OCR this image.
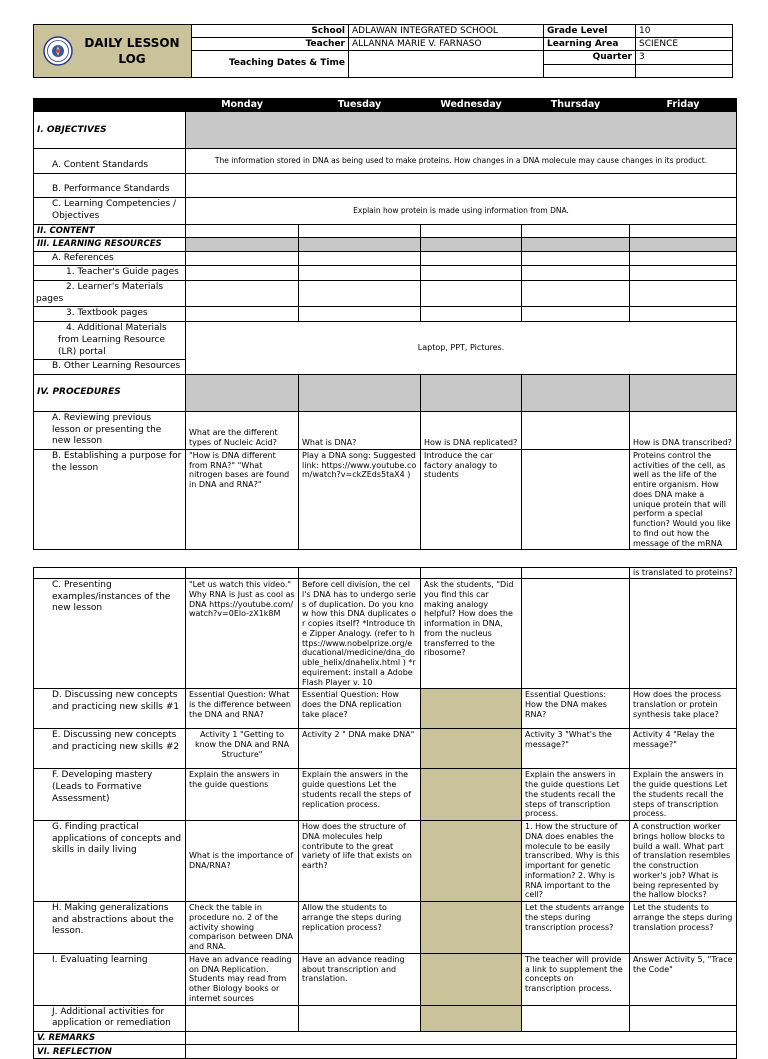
DAILY LESSON
LOG	School	ADLAWAN INTEGRATED SCHOOL	Grade Level	10
	Teacher	ALLANNA MARIE V. FARNASO	Learning Area	SCIENCE
	Teaching Dates & Time		Quarter	3

	Monday	Tuesday	Wednesday	Thursday	Friday
I. OBJECTIVES					
A. Content Standards	The information stored in DNA as being used to make proteins. How changes in a DNA molecule may cause changes in its product.				
B. Performance Standards					
C. Learning Competencies / Objectives	Explain how protein is made using information from DNA.				
II. CONTENT					
III. LEARNING RESOURCES					
A. References					
1. Teacher's Guide pages					
2. Learner's Materials pages					
3. Textbook pages					
4. Additional Materials from Learning Resource (LR) portal	Laptop, PPT, Pictures.				
B. Other Learning Resources					
IV. PROCEDURES					
A. Reviewing previous lesson or presenting the new lesson	What are the different types of Nucleic Acid?	What is DNA?	How is DNA replicated?		How is DNA transcribed?
B. Establishing a purpose for the lesson	"How is DNA different from RNA?" "What nitrogen bases are found in DNA and RNA?"	Play a DNA song: Suggested link: https://www.youtube.com/watch?v=ckZEds5taX4 )	Introduce the car factory analogy to students		Proteins control the activities of the cell, as well as the life of the entire organism. How does DNA make a unique protein that will perform a special function? Would you like to find out how the message of the mRNA
					is translated to proteins?
C. Presenting examples/instances of the new lesson	"Let us watch this video." Why RNA is Just as cool as DNA https://youtube.com/watch?v=0Elo-zX1k8M	Before cell division, the cell's DNA has to undergo series of duplication. Do you know how this DNA duplicates or copies itself? *Introduce the Zipper Analogy. (refer to https://www.nobelprize.org/educational/medicine/dna_double_helix/dnahelix.html ) *requirement: install a Adobe Flash Player v. 10	Ask the students, "Did you find this car making analogy helpful? How does the information in DNA, from the nucleus transferred to the ribosome?		
D. Discussing new concepts and practicing new skills #1	Essential Question: What is the difference between the DNA and RNA?	Essential Question: How does the DNA replication take place?		Essential Questions: How the DNA makes RNA?	How does the process translation or protein synthesis take place?
E. Discussing new concepts and practicing new skills #2	Activity 1 "Getting to know the DNA and RNA Structure"	Activity 2 " DNA make DNA"		Activity 3 "What's the message?"	Activity 4 "Relay the message?"
F. Developing mastery (Leads to Formative Assessment)	Explain the answers in the guide questions	Explain the answers in the guide questions Let the students recall the steps of replication process.		Explain the answers in the guide questions Let the students recall the steps of transcription process.	Explain the answers in the guide questions Let the students recall the steps of transcription process.
G. Finding practical applications of concepts and skills in daily living	What is the importance of DNA/RNA?	How does the structure of DNA molecules help contribute to the great variety of life that exists on earth?		1. How the structure of DNA does enables the molecule to be easily transcribed. Why is this important for genetic information? 2. Why is RNA important to the cell?	A construction worker brings hollow blocks to build a wall. What part of translation resembles the construction worker's job? What is being represented by the hallow blocks?
H. Making generalizations and abstractions about the lesson.	Check the table in procedure no. 2 of the activity showing comparison between DNA and RNA.	Allow the students to arrange the steps during replication process?		Let the students arrange the steps during transcription process?	Let the students to arrange the steps during translation process?
I. Evaluating learning	Have an advance reading on DNA Replication. Students may read from other Biology books or internet sources	Have an advance reading about transcription and translation.		The teacher will provide a link to supplement the concepts on transcription process.	Answer Activity 5, "Trace the Code"
J. Additional activities for application or remediation					
V. REMARKS					
VI. REFLECTION					
